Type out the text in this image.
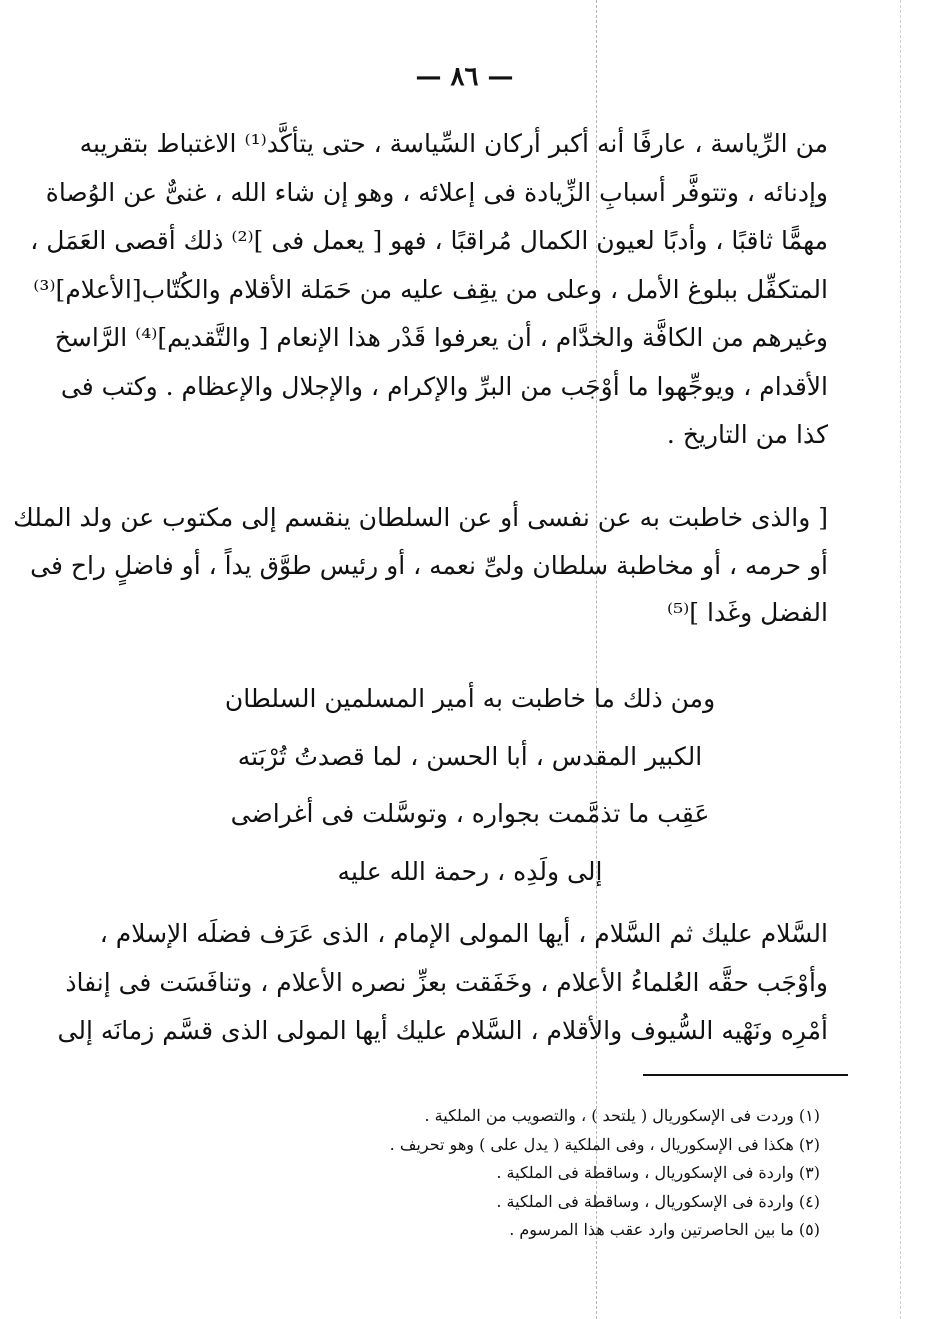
— ٨٦ —
من الرِّياسة ، عارفًا أنه أكبر أركان السِّياسة ، حتى يتأكَّد⁽¹⁾ الاغتباط بتقريبه
وإدنائه ، وتتوفَّر أسبابِ الزِّيادة فى إعلائه ، وهو إن شاء الله ، غنىٌّ عن الوُصاة
مهمًّا ثاقبًا ، وأدبًا لعيون الكمال مُراقبًا ، فهو [ يعمل فى ]⁽²⁾ ذلك أقصى العَمَل ،
المتكفِّل ببلوغ الأمل ، وعلى من يقِف عليه من حَمَلة الأقلام والكُتّاب[الأعلام]⁽³⁾
وغيرهم من الكافَّة والخدَّام ، أن يعرفوا قَدْر هذا الإنعام [ والتَّقديم]⁽⁴⁾ الرَّاسخ
الأقدام ، ويوجِّهوا ما أوْجَب من البرِّ والإكرام ، والإجلال والإعظام . وكتب فى
كذا من التاريخ .
[ والذى خاطبت به عن نفسى أو عن السلطان ينقسم إلى مكتوب عن ولد الملك
أو حرمه ، أو مخاطبة سلطان ولىِّ نعمه ، أو رئيس طوَّق يداً ، أو فاضلٍ راح فى
الفضل وغَدا ]⁽⁵⁾
ومن ذلك ما خاطبت به أمير المسلمين السلطان
الكبير المقدس ، أبا الحسن ، لما قصدتُ تُرْبَته
عَقِب ما تذمَّمت بجواره ، وتوسَّلت فى أغراضى
إلى ولَدِه ، رحمة الله عليه
السَّلام عليك ثم السَّلام ، أيها المولى الإمام ، الذى عَرَف فضلَه الإسلام ،
وأوْجَب حقَّه العُلماءُ الأعلام ، وخَفَقت بعزِّ نصره الأعلام ، وتنافَسَت فى إنفاذ
أمْرِه ونَهْيه السُّيوف والأقلام ، السَّلام عليك أيها المولى الذى قسَّم زمانَه إلى
(١) وردت فى الإسكوريال ( يلتحد ) ، والتصويب من الملكية .
(٢) هكذا فى الإسكوريال ، وفى الملكية ( يدل على ) وهو تحريف .
(٣) واردة فى الإسكوريال ، وساقطة فى الملكية .
(٤) واردة فى الإسكوريال ، وساقطة فى الملكية .
(٥) ما بين الحاصرتين وارد عقب هذا المرسوم .
